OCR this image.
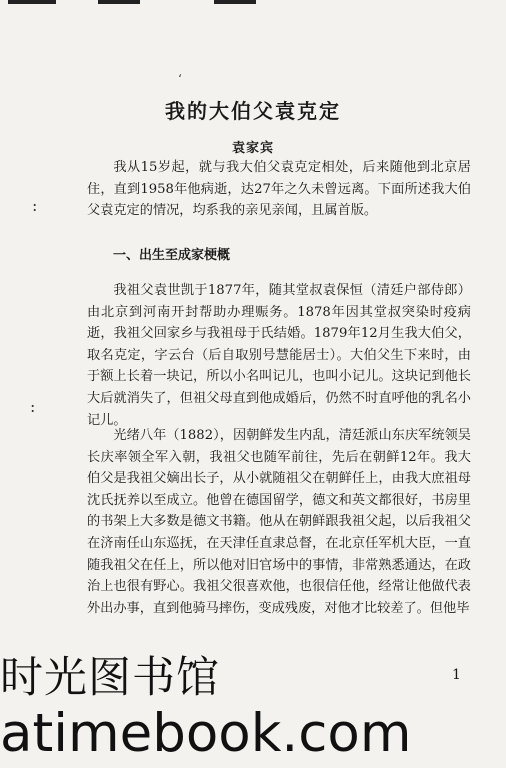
ʻ
:
:
我的大伯父袁克定
袁家宾
我从15岁起，就与我大伯父袁克定相处，后来随他到北京居住，直到1958年他病逝，达27年之久未曾远离。下面所述我大伯父袁克定的情况，均系我的亲见亲闻，且属首版。
一、出生至成家梗概
我祖父袁世凯于1877年，随其堂叔袁保恒（清廷户部侍郎）由北京到河南开封帮助办理赈务。1878年因其堂叔突染时疫病逝，我祖父回家乡与我祖母于氏结婚。1879年12月生我大伯父，取名克定，字云台（后自取别号慧能居士）。大伯父生下来时，由于额上长着一块记，所以小名叫记儿，也叫小记儿。这块记到他长大后就消失了，但祖父母直到他成婚后，仍然不时直呼他的乳名小记儿。
光绪八年（1882），因朝鲜发生内乱，清廷派山东庆军统领吴长庆率领全军入朝，我祖父也随军前往，先后在朝鲜12年。我大伯父是我祖父嫡出长子，从小就随祖父在朝鲜任上，由我大庶祖母沈氏抚养以至成立。他曾在德国留学，德文和英文都很好，书房里的书架上大多数是德文书籍。他从在朝鲜跟我祖父起，以后我祖父在济南任山东巡抚，在天津任直隶总督，在北京任军机大臣，一直随我祖父在任上，所以他对旧官场中的事情，非常熟悉通达，在政治上也很有野心。我祖父很喜欢他，也很信任他，经常让他做代表外出办事，直到他骑马摔伤，变成残废，对他才比较差了。但他毕
1
时光图书馆
atimebook.com
